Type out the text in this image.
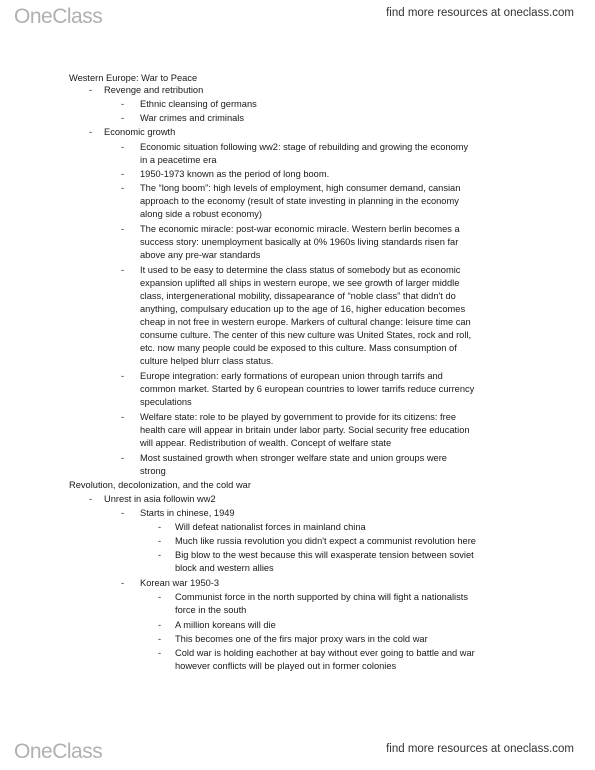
OneClass	find more resources at oneclass.com
Western Europe: War to Peace
- Revenge and retribution
- Ethnic cleansing of germans
- War crimes and criminals
- Economic growth
- Economic situation following ww2: stage of rebuilding and growing the economy
in a peacetime era
- 1950-1973 known as the period of long boom.
- The “long boom”: high levels of employment, high consumer demand, cansian
approach to the economy (result of state investing in planning in the economy
along side a robust economy)
- The economic miracle: post-war economic miracle. Western berlin becomes a
success story: unemployment basically at 0% 1960s living standards risen far
above any pre-war standards
- It used to be easy to determine the class status of somebody but as economic
expansion uplifted all ships in western europe, we see growth of larger middle
class, intergenerational mobility, dissapearance of “noble class” that didn't do
anything, compulsary education up to the age of 16, higher education becomes
cheap in not free in western europe. Markers of cultural change: leisure time can
consume culture. The center of this new culture was United States, rock and roll,
etc. now many people could be exposed to this culture. Mass consumption of
culture helped blurr class status.
- Europe integration: early formations of european union through tarrifs and
common market. Started by 6 european countries to lower tarrifs reduce currency
speculations
- Welfare state: role to be played by government to provide for its citizens: free
health care will appear in britain under labor party. Social security free education
will appear. Redistribution of wealth. Concept of welfare state
- Most sustained growth when stronger welfare state and union groups were
strong
Revolution, decolonization, and the cold war
- Unrest in asia followin ww2
- Starts in chinese, 1949
- Will defeat nationalist forces in mainland china
- Much like russia revolution you didn't expect a communist revolution here
- Big blow to the west because this will exasperate tension between soviet
block and western allies
- Korean war 1950-3
- Communist force in the north supported by china will fight a nationalists
force in the south
- A million koreans will die
- This becomes one of the firs major proxy wars in the cold war
- Cold war is holding eachother at bay without ever going to battle and war
however conflicts will be played out in former colonies
OneClass	find more resources at oneclass.com
